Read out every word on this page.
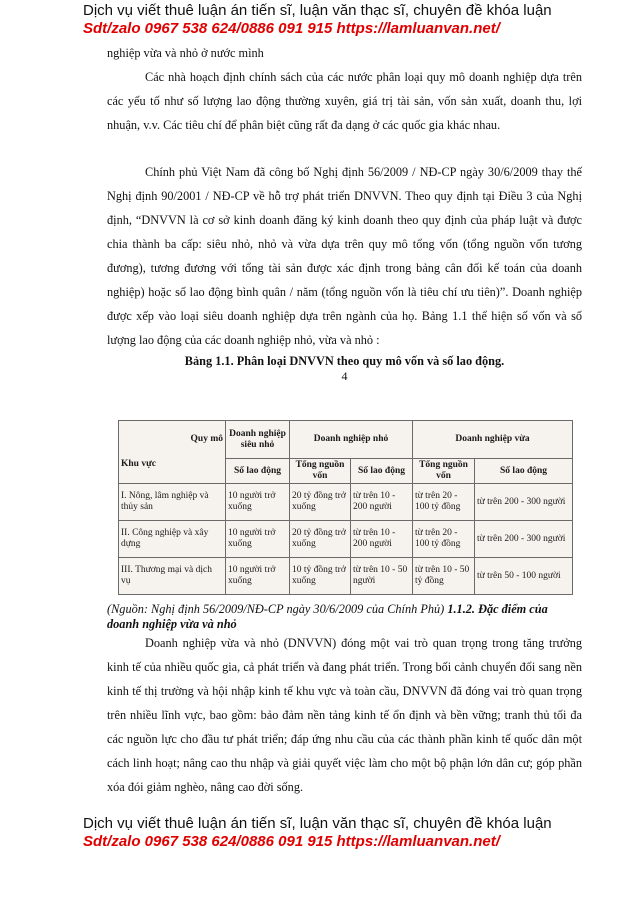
Dịch vụ viết thuê luận án tiến sĩ, luận văn thạc sĩ, chuyên đề khóa luận
Sdt/zalo 0967 538 624/0886 091 915 https://lamluanvan.net/
nghiệp vừa và nhỏ ở nước mình
Các nhà hoạch định chính sách của các nước phân loại quy mô doanh nghiệp dựa trên các yếu tố như số lượng lao động thường xuyên, giá trị tài sản, vốn sản xuất, doanh thu, lợi nhuận, v.v. Các tiêu chí để phân biệt cũng rất đa dạng ở các quốc gia khác nhau.
Chính phủ Việt Nam đã công bố Nghị định 56/2009 / NĐ-CP ngày 30/6/2009 thay thế Nghị định 90/2001 / NĐ-CP về hỗ trợ phát triển DNVVN. Theo quy định tại Điều 3 của Nghị định, “DNVVN là cơ sở kinh doanh đăng ký kinh doanh theo quy định của pháp luật và được chia thành ba cấp: siêu nhỏ, nhỏ và vừa dựa trên quy mô tổng vốn (tổng nguồn vốn tương đương), tương đương với tổng tài sản được xác định trong bảng cân đối kế toán của doanh nghiệp) hoặc số lao động bình quân / năm (tổng nguồn vốn là tiêu chí ưu tiên)”. Doanh nghiệp được xếp vào loại siêu doanh nghiệp dựa trên ngành của họ. Bảng 1.1 thể hiện số vốn và số lượng lao động của các doanh nghiệp nhỏ, vừa và nhỏ :
Bảng 1.1. Phân loại DNVVN theo quy mô vốn và số lao động.
4
Quy mô
Khu vực	Doanh nghiệp siêu nhỏ	Doanh nghiệp nhỏ		Doanh nghiệp vừa	
	Số lao động	Tổng nguồn vốn	Số lao động	Tổng nguồn vốn	Số lao động
I. Nông, lâm nghiệp và thủy sản	10 người trở xuống	20 tỷ đồng trở xuống	từ trên 10 - 200 người	từ trên 20 - 100 tỷ đồng	từ trên 200 - 300 người
II. Công nghiệp và xây dựng	10 người trở xuống	20 tỷ đồng trở xuống	từ trên 10 - 200 người	từ trên 20 - 100 tỷ đồng	từ trên 200 - 300 người
III. Thương mại và dịch vụ	10 người trở xuống	10 tỷ đồng trở xuống	từ trên 10 - 50 người	từ trên 10 - 50 tỷ đồng	từ trên 50 - 100 người
(Nguồn: Nghị định 56/2009/NĐ-CP ngày 30/6/2009 của Chính Phủ) 1.1.2. Đặc điểm của doanh nghiệp vừa và nhỏ
Doanh nghiệp vừa và nhỏ (DNVVN) đóng một vai trò quan trọng trong tăng trưởng kinh tế của nhiều quốc gia, cả phát triển và đang phát triển. Trong bối cảnh chuyển đổi sang nền kinh tế thị trường và hội nhập kinh tế khu vực và toàn cầu, DNVVN đã đóng vai trò quan trọng trên nhiều lĩnh vực, bao gồm: bảo đảm nền tảng kinh tế ổn định và bền vững; tranh thủ tối đa các nguồn lực cho đầu tư phát triển; đáp ứng nhu cầu của các thành phần kinh tế quốc dân một cách linh hoạt; nâng cao thu nhập và giải quyết việc làm cho một bộ phận lớn dân cư; góp phần xóa đói giảm nghèo, nâng cao đời sống.
Dịch vụ viết thuê luận án tiến sĩ, luận văn thạc sĩ, chuyên đề khóa luận
Sdt/zalo 0967 538 624/0886 091 915 https://lamluanvan.net/
